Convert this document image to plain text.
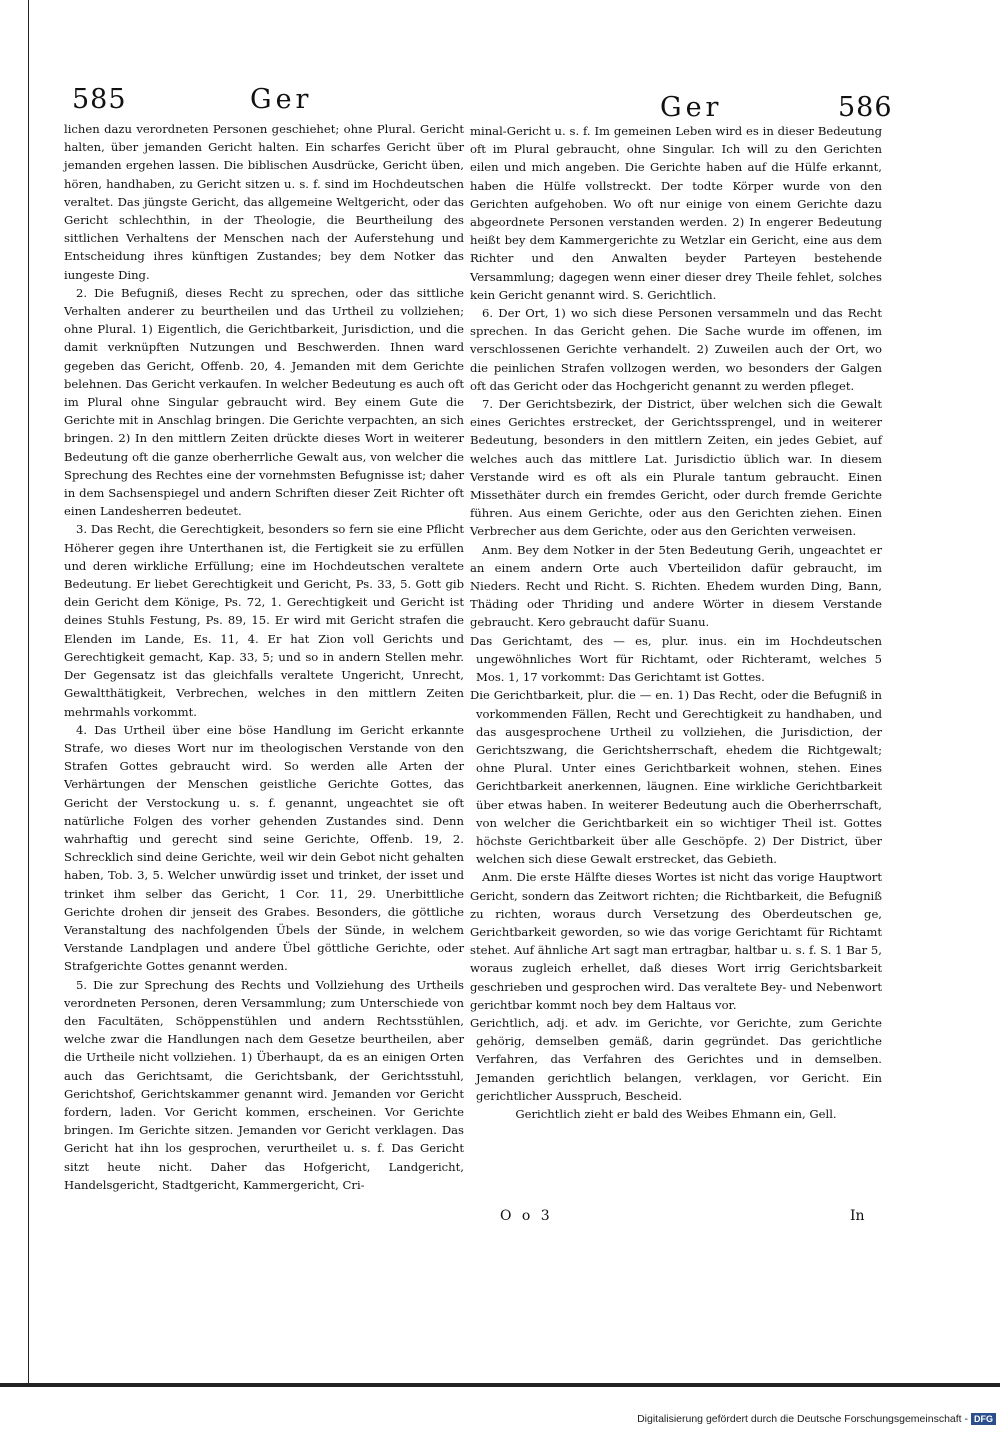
585	Ger	Ger	586

lichen dazu verordneten Personen geschiehet; ohne Plural. Gericht halten, über jemanden Gericht halten. Ein scharfes Gericht über jemanden ergehen lassen. Die biblischen Ausdrücke, Gericht üben, hören, handhaben, zu Gericht sitzen u. s. f. sind im Hochdeutschen veraltet. Das jüngste Gericht, das allgemeine Weltgericht, oder das Gericht schlechthin, in der Theologie, die Beurtheilung des sittlichen Verhaltens der Menschen nach der Auferstehung und Entscheidung ihres künftigen Zustandes; bey dem Notker das iungeste Ding.

2. Die Befugniß, dieses Recht zu sprechen, oder das sittliche Verhalten anderer zu beurtheilen und das Urtheil zu vollziehen; ohne Plural. 1) Eigentlich, die Gerichtbarkeit, Jurisdiction, und die damit verknüpften Nutzungen und Beschwerden. Ihnen ward gegeben das Gericht, Offenb. 20, 4. Jemanden mit dem Gerichte belehnen. Das Gericht verkaufen. In welcher Bedeutung es auch oft im Plural ohne Singular gebraucht wird. Bey einem Gute die Gerichte mit in Anschlag bringen. Die Gerichte verpachten, an sich bringen. 2) In den mittlern Zeiten drückte dieses Wort in weiterer Bedeutung oft die ganze oberherrliche Gewalt aus, von welcher die Sprechung des Rechtes eine der vornehmsten Befugnisse ist; daher in dem Sachsenspiegel und andern Schriften dieser Zeit Richter oft einen Landesherren bedeutet.

3. Das Recht, die Gerechtigkeit, besonders so fern sie eine Pflicht Höherer gegen ihre Unterthanen ist, die Fertigkeit sie zu erfüllen und deren wirkliche Erfüllung; eine im Hochdeutschen veraltete Bedeutung. Er liebet Gerechtigkeit und Gericht, Ps. 33, 5. Gott gib dein Gericht dem Könige, Ps. 72, 1. Gerechtigkeit und Gericht ist deines Stuhls Festung, Ps. 89, 15. Er wird mit Gericht strafen die Elenden im Lande, Es. 11, 4. Er hat Zion voll Gerichts und Gerechtigkeit gemacht, Kap. 33, 5; und so in andern Stellen mehr. Der Gegensatz ist das gleichfalls veraltete Ungericht, Unrecht, Gewaltthätigkeit, Verbrechen, welches in den mittlern Zeiten mehrmahls vorkommt.

4. Das Urtheil über eine böse Handlung im Gericht erkannte Strafe, wo dieses Wort nur im theologischen Verstande von den Strafen Gottes gebraucht wird. So werden alle Arten der Verhärtungen der Menschen geistliche Gerichte Gottes, das Gericht der Verstockung u. s. f. genannt, ungeachtet sie oft natürliche Folgen des vorher gehenden Zustandes sind. Denn wahrhaftig und gerecht sind seine Gerichte, Offenb. 19, 2. Schrecklich sind deine Gerichte, weil wir dein Gebot nicht gehalten haben, Tob. 3, 5. Welcher unwürdig isset und trinket, der isset und trinket ihm selber das Gericht, 1 Cor. 11, 29. Unerbittliche Gerichte drohen dir jenseit des Grabes. Besonders, die göttliche Veranstaltung des nachfolgenden Übels der Sünde, in welchem Verstande Landplagen und andere Übel göttliche Gerichte, oder Strafgerichte Gottes genannt werden.

5. Die zur Sprechung des Rechts und Vollziehung des Urtheils verordneten Personen, deren Versammlung; zum Unterschiede von den Facultäten, Schöppenstühlen und andern Rechtsstühlen, welche zwar die Handlungen nach dem Gesetze beurtheilen, aber die Urtheile nicht vollziehen. 1) Überhaupt, da es an einigen Orten auch das Gerichtsamt, die Gerichtsbank, der Gerichtsstuhl, Gerichtshof, Gerichtskammer genannt wird. Jemanden vor Gericht fordern, laden. Vor Gericht kommen, erscheinen. Vor Gerichte bringen. Im Gerichte sitzen. Jemanden vor Gericht verklagen. Das Gericht hat ihn los gesprochen, verurtheilet u. s. f. Das Gericht sitzt heute nicht. Daher das Hofgericht, Landgericht, Handelsgericht, Stadtgericht, Kammergericht, Cri-

minal-Gericht u. s. f. Im gemeinen Leben wird es in dieser Bedeutung oft im Plural gebraucht, ohne Singular. Ich will zu den Gerichten eilen und mich angeben. Die Gerichte haben auf die Hülfe erkannt, haben die Hülfe vollstreckt. Der todte Körper wurde von den Gerichten aufgehoben. Wo oft nur einige von einem Gerichte dazu abgeordnete Personen verstanden werden. 2) In engerer Bedeutung heißt bey dem Kammergerichte zu Wetzlar ein Gericht, eine aus dem Richter und den Anwalten beyder Parteyen bestehende Versammlung; dagegen wenn einer dieser drey Theile fehlet, solches kein Gericht genannt wird. S. Gerichtlich.

6. Der Ort, 1) wo sich diese Personen versammeln und das Recht sprechen. In das Gericht gehen. Die Sache wurde im offenen, im verschlossenen Gerichte verhandelt. 2) Zuweilen auch der Ort, wo die peinlichen Strafen vollzogen werden, wo besonders der Galgen oft das Gericht oder das Hochgericht genannt zu werden pfleget.

7. Der Gerichtsbezirk, der District, über welchen sich die Gewalt eines Gerichtes erstrecket, der Gerichtssprengel, und in weiterer Bedeutung, besonders in den mittlern Zeiten, ein jedes Gebiet, auf welches auch das mittlere Lat. Jurisdictio üblich war. In diesem Verstande wird es oft als ein Plurale tantum gebraucht. Einen Missethäter durch ein fremdes Gericht, oder durch fremde Gerichte führen. Aus einem Gerichte, oder aus den Gerichten ziehen. Einen Verbrecher aus dem Gerichte, oder aus den Gerichten verweisen.

Anm. Bey dem Notker in der 5ten Bedeutung Gerih, ungeachtet er an einem andern Orte auch Vberteilidon dafür gebraucht, im Nieders. Recht und Richt. S. Richten. Ehedem wurden Ding, Bann, Thäding oder Thriding und andere Wörter in diesem Verstande gebraucht. Kero gebraucht dafür Suanu.

Das Gerichtamt, des — es, plur. inus. ein im Hochdeutschen ungewöhnliches Wort für Richtamt, oder Richteramt, welches 5 Mos. 1, 17 vorkommt: Das Gerichtamt ist Gottes.

Die Gerichtbarkeit, plur. die — en. 1) Das Recht, oder die Befugniß in vorkommenden Fällen, Recht und Gerechtigkeit zu handhaben, und das ausgesprochene Urtheil zu vollziehen, die Jurisdiction, der Gerichtszwang, die Gerichtsherrschaft, ehedem die Richtgewalt; ohne Plural. Unter eines Gerichtbarkeit wohnen, stehen. Eines Gerichtbarkeit anerkennen, läugnen. Eine wirkliche Gerichtbarkeit über etwas haben. In weiterer Bedeutung auch die Oberherrschaft, von welcher die Gerichtbarkeit ein so wichtiger Theil ist. Gottes höchste Gerichtbarkeit über alle Geschöpfe. 2) Der District, über welchen sich diese Gewalt erstrecket, das Gebieth.

Anm. Die erste Hälfte dieses Wortes ist nicht das vorige Hauptwort Gericht, sondern das Zeitwort richten; die Richtbarkeit, die Befugniß zu richten, woraus durch Versetzung des Oberdeutschen ge, Gerichtbarkeit geworden, so wie das vorige Gerichtamt für Richtamt stehet. Auf ähnliche Art sagt man ertragbar, haltbar u. s. f. S. 1 Bar 5, woraus zugleich erhellet, daß dieses Wort irrig Gerichtsbarkeit geschrieben und gesprochen wird. Das veraltete Bey- und Nebenwort gerichtbar kommt noch bey dem Haltaus vor.

Gerichtlich, adj. et adv. im Gerichte, vor Gerichte, zum Gerichte gehörig, demselben gemäß, darin gegründet. Das gerichtliche Verfahren, das Verfahren des Gerichtes und in demselben. Jemanden gerichtlich belangen, verklagen, vor Gericht. Ein gerichtlicher Ausspruch, Bescheid.

Gerichtlich zieht er bald des Weibes Ehmann ein, Gell.

O o 3	In
Digitalisierung gefördert durch die Deutsche Forschungsgemeinschaft - DFG
